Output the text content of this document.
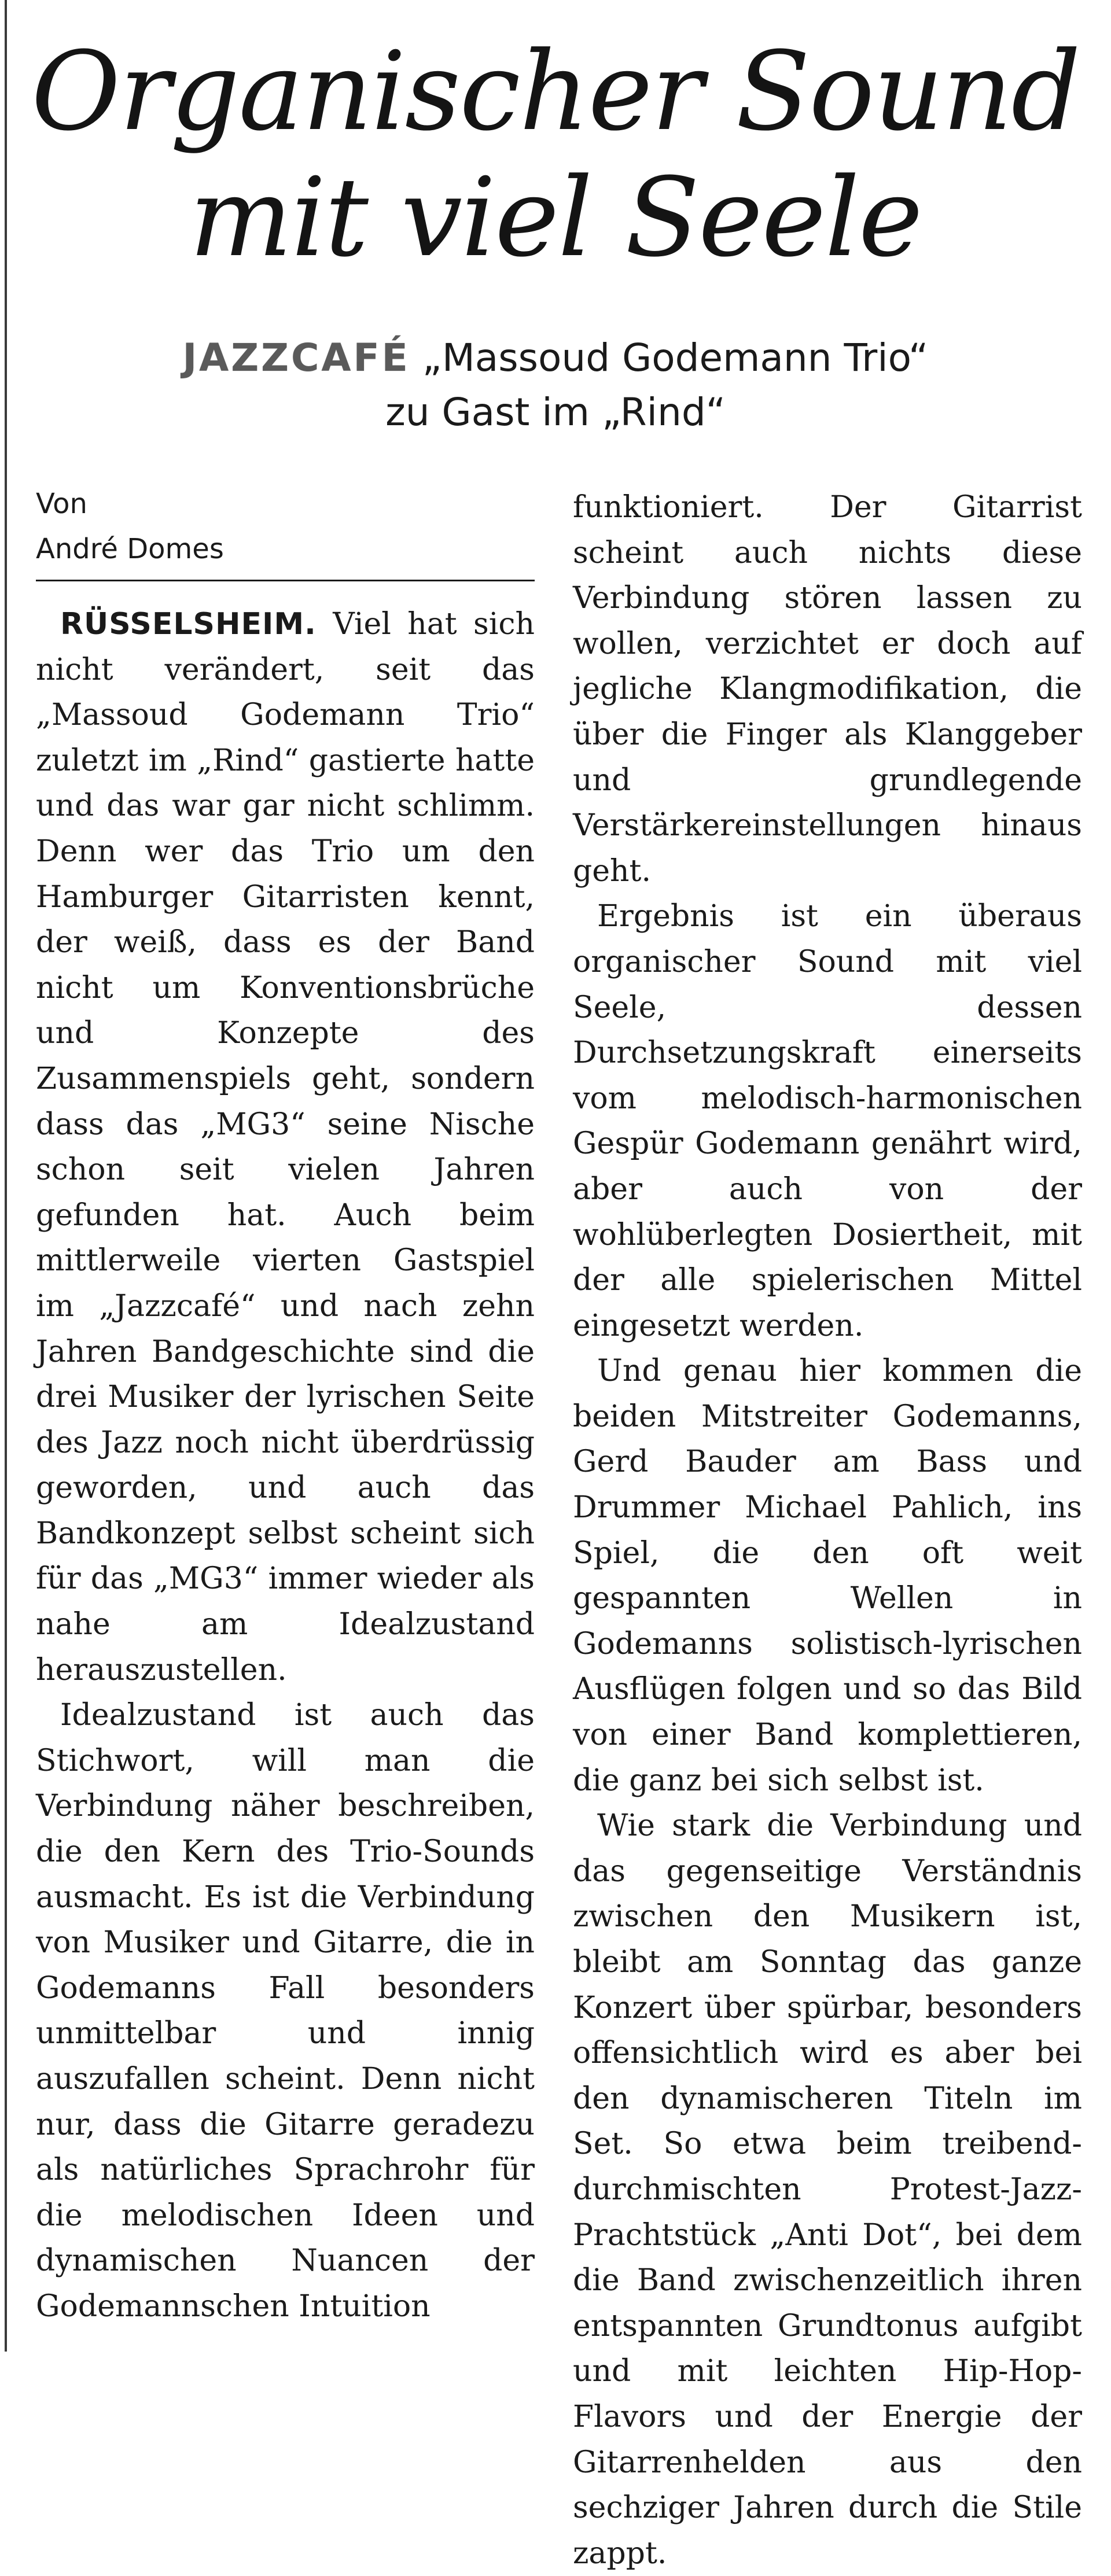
Organischer Sound
mit viel Seele
JAZZCAFÉ „Massoud Godemann Trio“
zu Gast im „Rind“
Von
André Domes

RÜSSELSHEIM. Viel hat sich nicht verändert, seit das „Massoud Godemann Trio“ zuletzt im „Rind“ gastierte hatte und das war gar nicht schlimm. Denn wer das Trio um den Hamburger Gitarristen kennt, der weiß, dass es der Band nicht um Konventionsbrüche und Konzepte des Zusammenspiels geht, sondern dass das „MG3“ seine Nische schon seit vielen Jahren gefunden hat. Auch beim mittlerweile vierten Gastspiel im „Jazzcafé“ und nach zehn Jahren Bandgeschichte sind die drei Musiker der lyrischen Seite des Jazz noch nicht überdrüssig geworden, und auch das Bandkonzept selbst scheint sich für das „MG3“ immer wieder als nahe am Idealzustand herauszustellen.

Idealzustand ist auch das Stichwort, will man die Verbindung näher beschreiben, die den Kern des Trio-Sounds ausmacht. Es ist die Verbindung von Musiker und Gitarre, die in Godemanns Fall besonders unmittelbar und innig auszufallen scheint. Denn nicht nur, dass die Gitarre geradezu als natürliches Sprachrohr für die melodischen Ideen und dynamischen Nuancen der Godemannschen Intuition

funktioniert. Der Gitarrist scheint auch nichts diese Verbindung stören lassen zu wollen, verzichtet er doch auf jegliche Klangmodifikation, die über die Finger als Klanggeber und grundlegende Verstärkereinstellungen hinaus geht.

Ergebnis ist ein überaus organischer Sound mit viel Seele, dessen Durchsetzungskraft einerseits vom melodisch-harmonischen Gespür Godemann genährt wird, aber auch von der wohlüberlegten Dosiertheit, mit der alle spielerischen Mittel eingesetzt werden.

Und genau hier kommen die beiden Mitstreiter Godemanns, Gerd Bauder am Bass und Drummer Michael Pahlich, ins Spiel, die den oft weit gespannten Wellen in Godemanns solistisch-lyrischen Ausflügen folgen und so das Bild von einer Band komplettieren, die ganz bei sich selbst ist.

Wie stark die Verbindung und das gegenseitige Verständnis zwischen den Musikern ist, bleibt am Sonntag das ganze Konzert über spürbar, besonders offensichtlich wird es aber bei den dynamischeren Titeln im Set. So etwa beim treibend-durchmischten Protest-Jazz-Prachtstück „Anti Dot“, bei dem die Band zwischenzeitlich ihren entspannten Grundtonus aufgibt und mit leichten Hip-Hop-Flavors und der Energie der Gitarrenhelden aus den sechziger Jahren durch die Stile zappt.
